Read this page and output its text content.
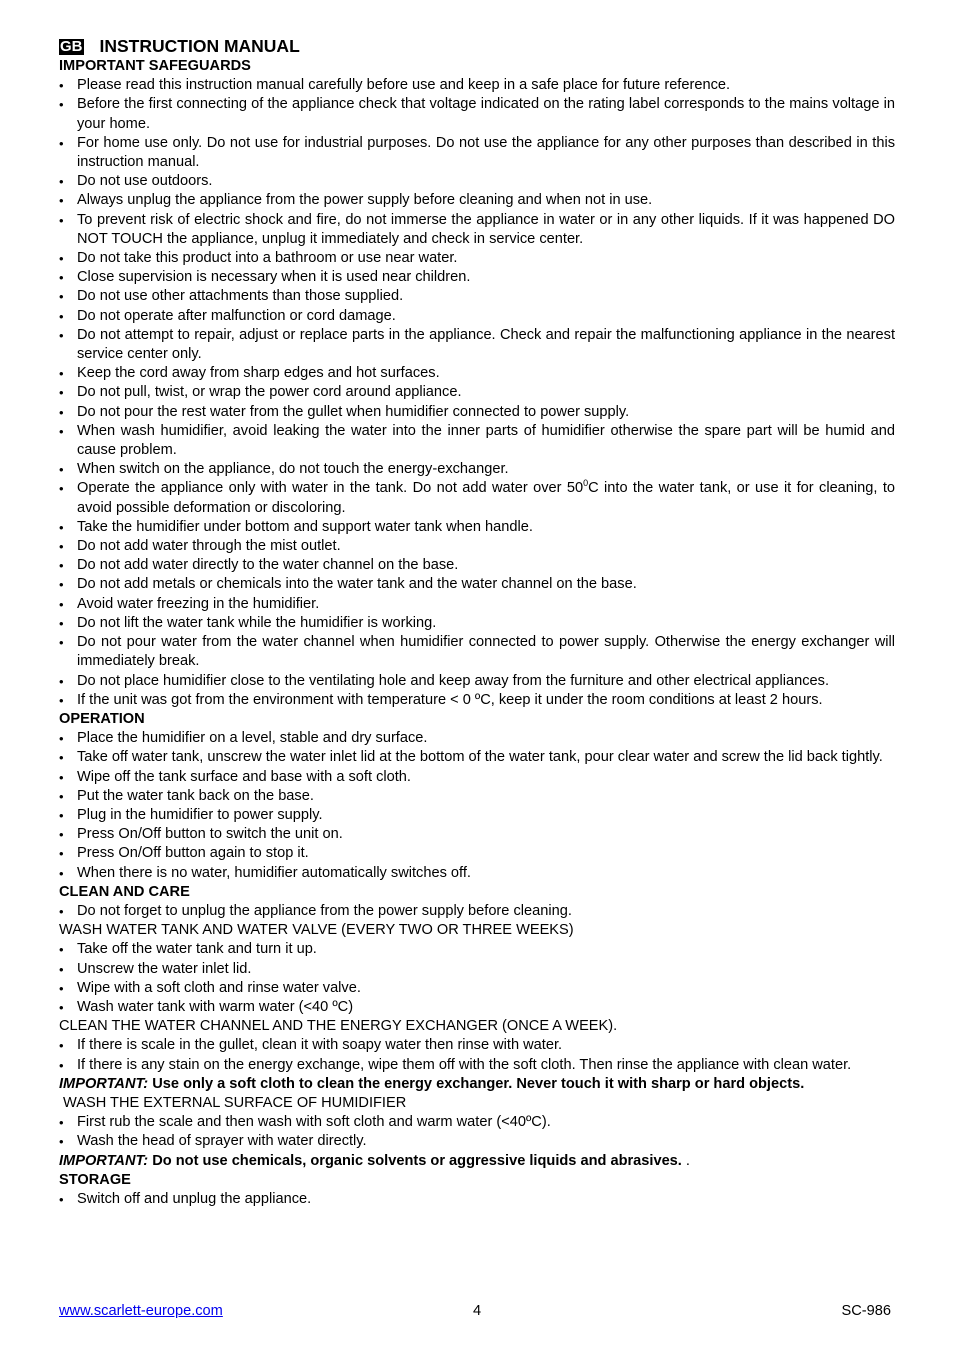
GB INSTRUCTION MANUAL
IMPORTANT SAFEGUARDS
• Please read this instruction manual carefully before use and keep in a safe place for future reference.
• Before the first connecting of the appliance check that voltage indicated on the rating label corresponds to the mains voltage in your home.
• For home use only. Do not use for industrial purposes. Do not use the appliance for any other purposes than described in this instruction manual.
• Do not use outdoors.
• Always unplug the appliance from the power supply before cleaning and when not in use.
• To prevent risk of electric shock and fire, do not immerse the appliance in water or in any other liquids. If it was happened DO NOT TOUCH the appliance, unplug it immediately and check in service center.
• Do not take this product into a bathroom or use near water.
• Close supervision is necessary when it is used near children.
• Do not use other attachments than those supplied.
• Do not operate after malfunction or cord damage.
• Do not attempt to repair, adjust or replace parts in the appliance. Check and repair the malfunctioning appliance in the nearest service center only.
• Keep the cord away from sharp edges and hot surfaces.
• Do not pull, twist, or wrap the power cord around appliance.
• Do not pour the rest water from the gullet when humidifier connected to power supply.
• When wash humidifier, avoid leaking the water into the inner parts of humidifier otherwise the spare part will be humid and cause problem.
• When switch on the appliance, do not touch the energy-exchanger.
• Operate the appliance only with water in the tank. Do not add water over $50^0C$ into the water tank, or use it for cleaning, to avoid possible deformation or discoloring.
• Take the humidifier under bottom and support water tank when handle.
• Do not add water through the mist outlet.
• Do not add water directly to the water channel on the base.
• Do not add metals or chemicals into the water tank and the water channel on the base.
• Avoid water freezing in the humidifier.
• Do not lift the water tank while the humidifier is working.
• Do not pour water from the water channel when humidifier connected to power supply. Otherwise the energy exchanger will immediately break.
• Do not place humidifier close to the ventilating hole and keep away from the furniture and other electrical appliances.
• If the unit was got from the environment with temperature < 0 ºC, keep it under the room conditions at least 2 hours.
OPERATION
• Place the humidifier on a level, stable and dry surface.
• Take off water tank, unscrew the water inlet lid at the bottom of the water tank, pour clear water and screw the lid back tightly.
• Wipe off the tank surface and base with a soft cloth.
• Put the water tank back on the base.
• Plug in the humidifier to power supply.
• Press On/Off button to switch the unit on.
• Press On/Off button again to stop it.
• When there is no water, humidifier automatically switches off.
CLEAN AND CARE
• Do not forget to unplug the appliance from the power supply before cleaning.
WASH WATER TANK AND WATER VALVE (EVERY TWO OR THREE WEEKS)
• Take off the water tank and turn it up.
• Unscrew the water inlet lid.
• Wipe with a soft cloth and rinse water valve.
• Wash water tank with warm water (<40 ºC)
CLEAN THE WATER CHANNEL AND THE ENERGY EXCHANGER (ONCE A WEEK).
• If there is scale in the gullet, clean it with soapy water then rinse with water.
• If there is any stain on the energy exchange, wipe them off with the soft cloth. Then rinse the appliance with clean water.
IMPORTANT: Use only a soft cloth to clean the energy exchanger. Never touch it with sharp or hard objects.
WASH THE EXTERNAL SURFACE OF HUMIDIFIER
• First rub the scale and then wash with soft cloth and warm water (<40ºC).
• Wash the head of sprayer with water directly.
IMPORTANT: Do not use chemicals, organic solvents or aggressive liquids and abrasives. .
STORAGE
• Switch off and unplug the appliance.
www.scarlett-europe.com	4	SC-986
